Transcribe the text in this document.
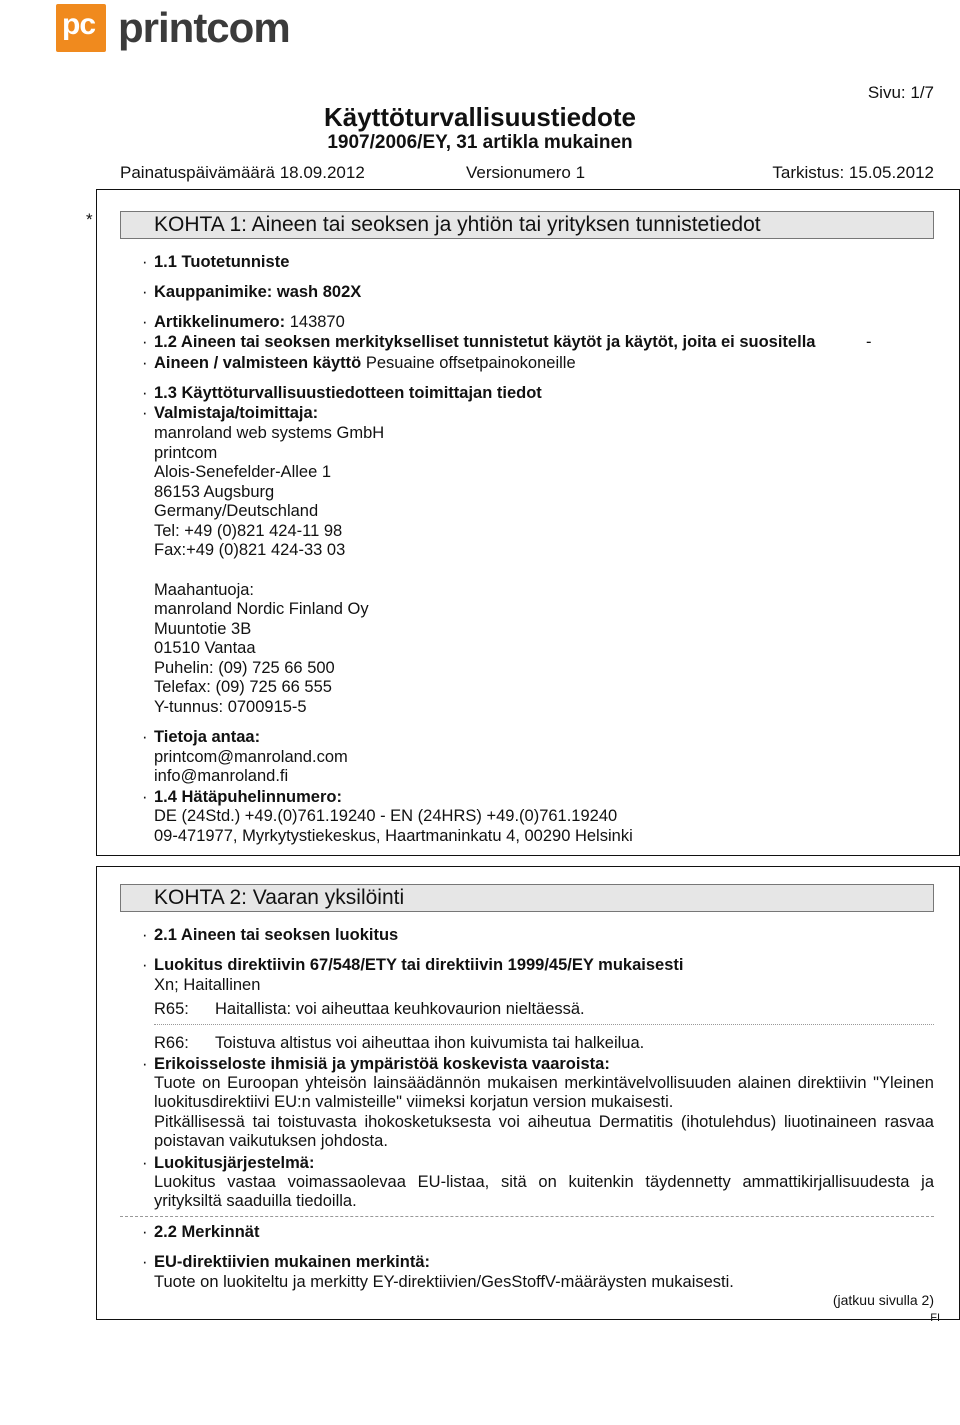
pc printcom
Sivu: 1/7
Käyttöturvallisuustiedote
1907/2006/EY, 31 artikla mukainen
Painatuspäivämäärä 18.09.2012	Versionumero 1	Tarkistus: 15.05.2012
*	KOHTA 1: Aineen tai seoksen ja yhtiön tai yrityksen tunnistetiedot
· 1.1 Tuotetunniste
· Kauppanimike: wash 802X
· Artikkelinumero: 143870
· 1.2 Aineen tai seoksen merkitykselliset tunnistetut käytöt ja käytöt, joita ei suositella	-
· Aineen / valmisteen käyttö Pesuaine offsetpainokoneille
· 1.3 Käyttöturvallisuustiedotteen toimittajan tiedot
· Valmistaja/toimittaja:
manroland web systems GmbH
printcom
Alois-Senefelder-Allee 1
86153 Augsburg
Germany/Deutschland
Tel: +49 (0)821 424-11 98
Fax:+49 (0)821 424-33 03
Maahantuoja:
manroland Nordic Finland Oy
Muuntotie 3B
01510 Vantaa
Puhelin: (09) 725 66 500
Telefax: (09) 725 66 555
Y-tunnus: 0700915-5
· Tietoja antaa:
printcom@manroland.com
info@manroland.fi
· 1.4 Hätäpuhelinnumero:
DE (24Std.) +49.(0)761.19240 - EN (24HRS) +49.(0)761.19240
09-471977, Myrkytystiekeskus, Haartmaninkatu 4, 00290 Helsinki
KOHTA 2: Vaaran yksilöinti
· 2.1 Aineen tai seoksen luokitus
· Luokitus direktiivin 67/548/ETY tai direktiivin 1999/45/EY mukaisesti
Xn; Haitallinen
R65:	Haitallista: voi aiheuttaa keuhkovaurion nieltäessä.
R66:	Toistuva altistus voi aiheuttaa ihon kuivumista tai halkeilua.
· Erikoisseloste ihmisiä ja ympäristöä koskevista vaaroista:
Tuote on Euroopan yhteisön lainsäädännön mukaisen merkintävelvollisuuden alainen direktiivin "Yleinen luokitusdirektiivi EU:n valmisteille" viimeksi korjatun version mukaisesti.
Pitkällisessä tai toistuvasta ihokosketuksesta voi aiheutua Dermatitis (ihotulehdus) liuotinaineen rasvaa poistavan vaikutuksen johdosta.
· Luokitusjärjestelmä:
Luokitus vastaa voimassaolevaa EU-listaa, sitä on kuitenkin täydennetty ammattikirjallisuudesta ja yrityksiltä saaduilla tiedoilla.
· 2.2 Merkinnät
· EU-direktiivien mukainen merkintä:
Tuote on luokiteltu ja merkitty EY-direktiivien/GesStoffV-määräysten mukaisesti.
(jatkuu sivulla 2)
FI
